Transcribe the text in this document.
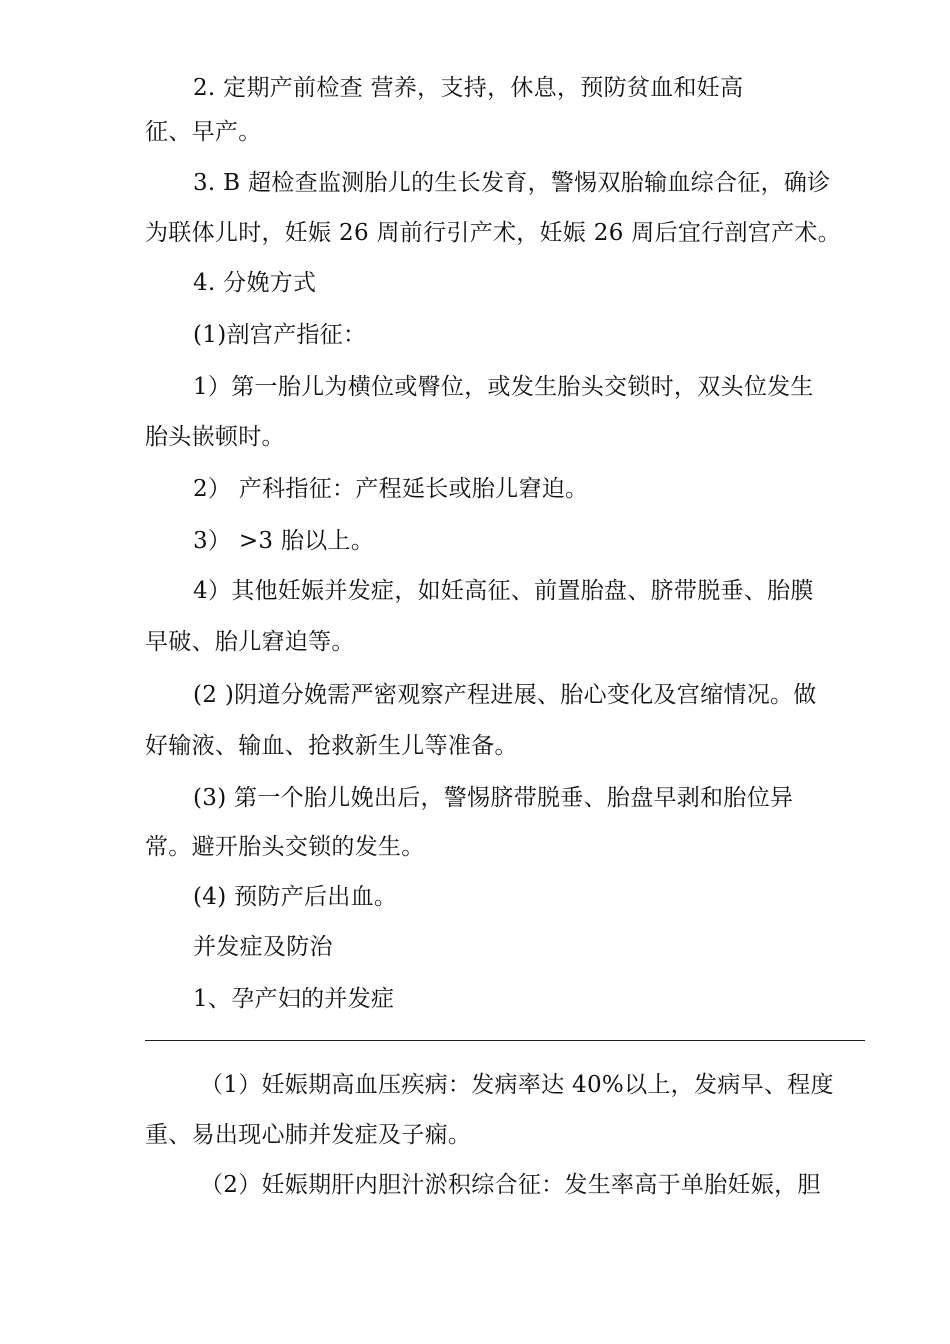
2. 定期产前检查 营养，支持，休息，预防贫血和妊高
征、早产。
3. B 超检查监测胎儿的生长发育，警惕双胎输血综合征，确诊
为联体儿时，妊娠 26 周前行引产术，妊娠 26 周后宜行剖宫产术。
4. 分娩方式
(1)剖宫产指征：
1）第一胎儿为横位或臀位，或发生胎头交锁时，双头位发生
胎头嵌顿时。
2） 产科指征：产程延长或胎儿窘迫。
3） >3 胎以上。
4）其他妊娠并发症，如妊高征、前置胎盘、脐带脱垂、胎膜
早破、胎儿窘迫等。
(2 )阴道分娩需严密观察产程进展、胎心变化及宫缩情况。做
好输液、输血、抢救新生儿等准备。
(3) 第一个胎儿娩出后，警惕脐带脱垂、胎盘早剥和胎位异
常。避开胎头交锁的发生。
(4) 预防产后出血。
并发症及防治
1、孕产妇的并发症
（1）妊娠期高血压疾病：发病率达 40%以上，发病早、程度
重、易出现心肺并发症及子痫。
（2）妊娠期肝内胆汁淤积综合征：发生率高于单胎妊娠，胆
